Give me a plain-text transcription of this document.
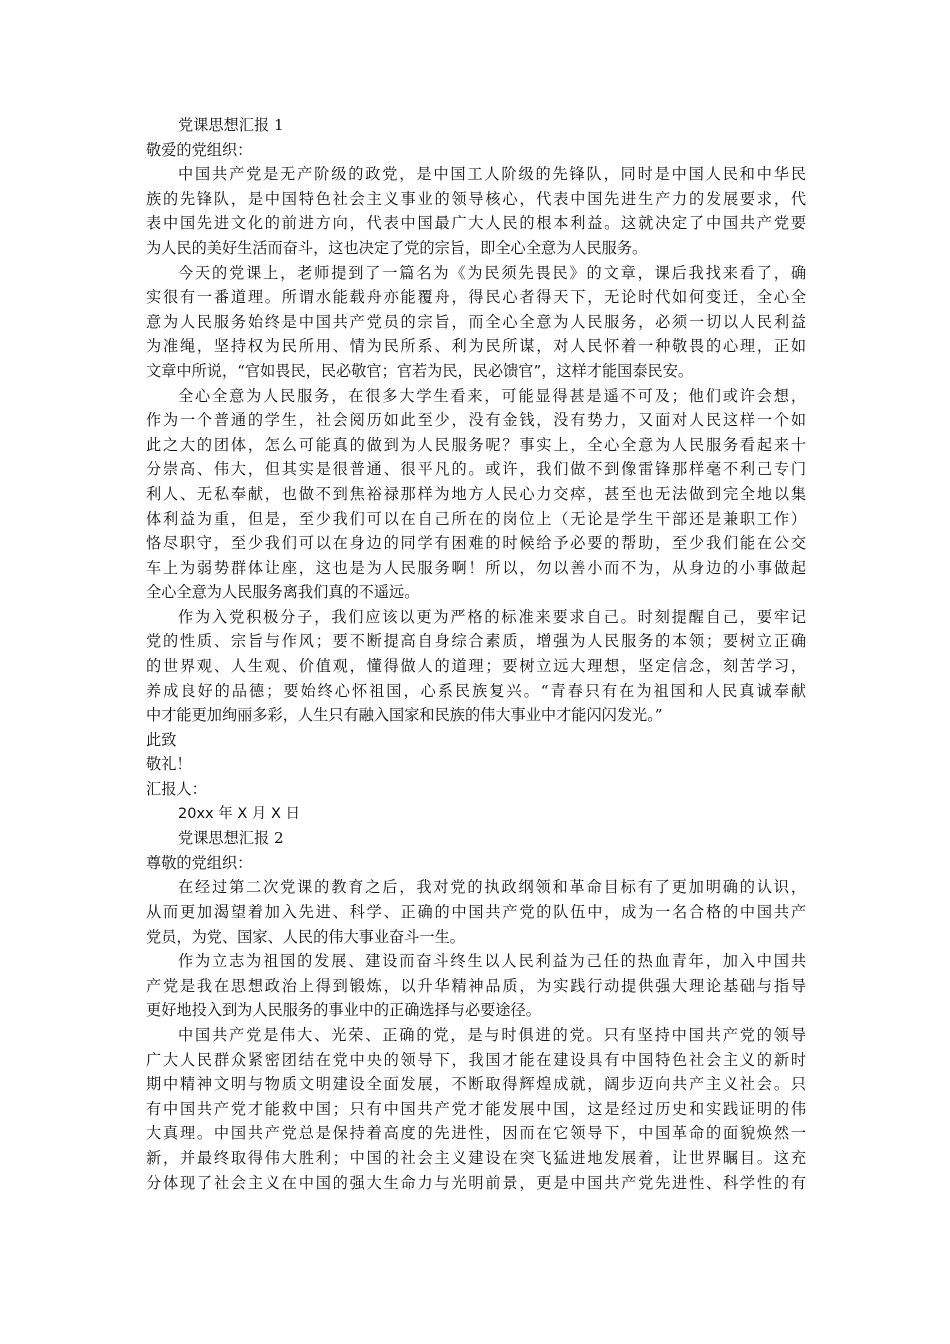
党课思想汇报 1
敬爱的党组织：
中国共产党是无产阶级的政党，是中国工人阶级的先锋队，同时是中国人民和中华民
族的先锋队，是中国特色社会主义事业的领导核心，代表中国先进生产力的发展要求，代
表中国先进文化的前进方向，代表中国最广大人民的根本利益。这就决定了中国共产党要
为人民的美好生活而奋斗，这也决定了党的宗旨，即全心全意为人民服务。
今天的党课上，老师提到了一篇名为《为民须先畏民》的文章，课后我找来看了，确
实很有一番道理。所谓水能载舟亦能覆舟，得民心者得天下，无论时代如何变迁，全心全
意为人民服务始终是中国共产党员的宗旨，而全心全意为人民服务，必须一切以人民利益
为准绳，坚持权为民所用、情为民所系、利为民所谋，对人民怀着一种敬畏的心理，正如
文章中所说，“官如畏民，民必敬官；官若为民，民必馈官”，这样才能国泰民安。
全心全意为人民服务，在很多大学生看来，可能显得甚是遥不可及；他们或许会想，
作为一个普通的学生，社会阅历如此至少，没有金钱，没有势力，又面对人民这样一个如
此之大的团体，怎么可能真的做到为人民服务呢？事实上，全心全意为人民服务看起来十
分崇高、伟大，但其实是很普通、很平凡的。或许，我们做不到像雷锋那样毫不利己专门
利人、无私奉献，也做不到焦裕禄那样为地方人民心力交瘁，甚至也无法做到完全地以集
体利益为重，但是，至少我们可以在自己所在的岗位上（无论是学生干部还是兼职工作）
恪尽职守，至少我们可以在身边的同学有困难的时候给予必要的帮助，至少我们能在公交
车上为弱势群体让座，这也是为人民服务啊！所以，勿以善小而不为，从身边的小事做起
全心全意为人民服务离我们真的不遥远。
作为入党积极分子，我们应该以更为严格的标准来要求自己。时刻提醒自己，要牢记
党的性质、宗旨与作风；要不断提高自身综合素质，增强为人民服务的本领；要树立正确
的世界观、人生观、价值观，懂得做人的道理；要树立远大理想，坚定信念，刻苦学习，
养成良好的品德；要始终心怀祖国，心系民族复兴。“青春只有在为祖国和人民真诚奉献
中才能更加绚丽多彩，人生只有融入国家和民族的伟大事业中才能闪闪发光。”
此致
敬礼！
汇报人：
20xx 年 X 月 X 日
党课思想汇报 2
尊敬的党组织：
在经过第二次党课的教育之后，我对党的执政纲领和革命目标有了更加明确的认识，
从而更加渴望着加入先进、科学、正确的中国共产党的队伍中，成为一名合格的中国共产
党员，为党、国家、人民的伟大事业奋斗一生。
作为立志为祖国的发展、建设而奋斗终生以人民利益为己任的热血青年，加入中国共
产党是我在思想政治上得到锻炼，以升华精神品质，为实践行动提供强大理论基础与指导
更好地投入到为人民服务的事业中的正确选择与必要途径。
中国共产党是伟大、光荣、正确的党，是与时俱进的党。只有坚持中国共产党的领导
广大人民群众紧密团结在党中央的领导下，我国才能在建设具有中国特色社会主义的新时
期中精神文明与物质文明建设全面发展，不断取得辉煌成就，阔步迈向共产主义社会。只
有中国共产党才能救中国；只有中国共产党才能发展中国，这是经过历史和实践证明的伟
大真理。中国共产党总是保持着高度的先进性，因而在它领导下，中国革命的面貌焕然一
新，并最终取得伟大胜利；中国的社会主义建设在突飞猛进地发展着，让世界瞩目。这充
分体现了社会主义在中国的强大生命力与光明前景，更是中国共产党先进性、科学性的有
